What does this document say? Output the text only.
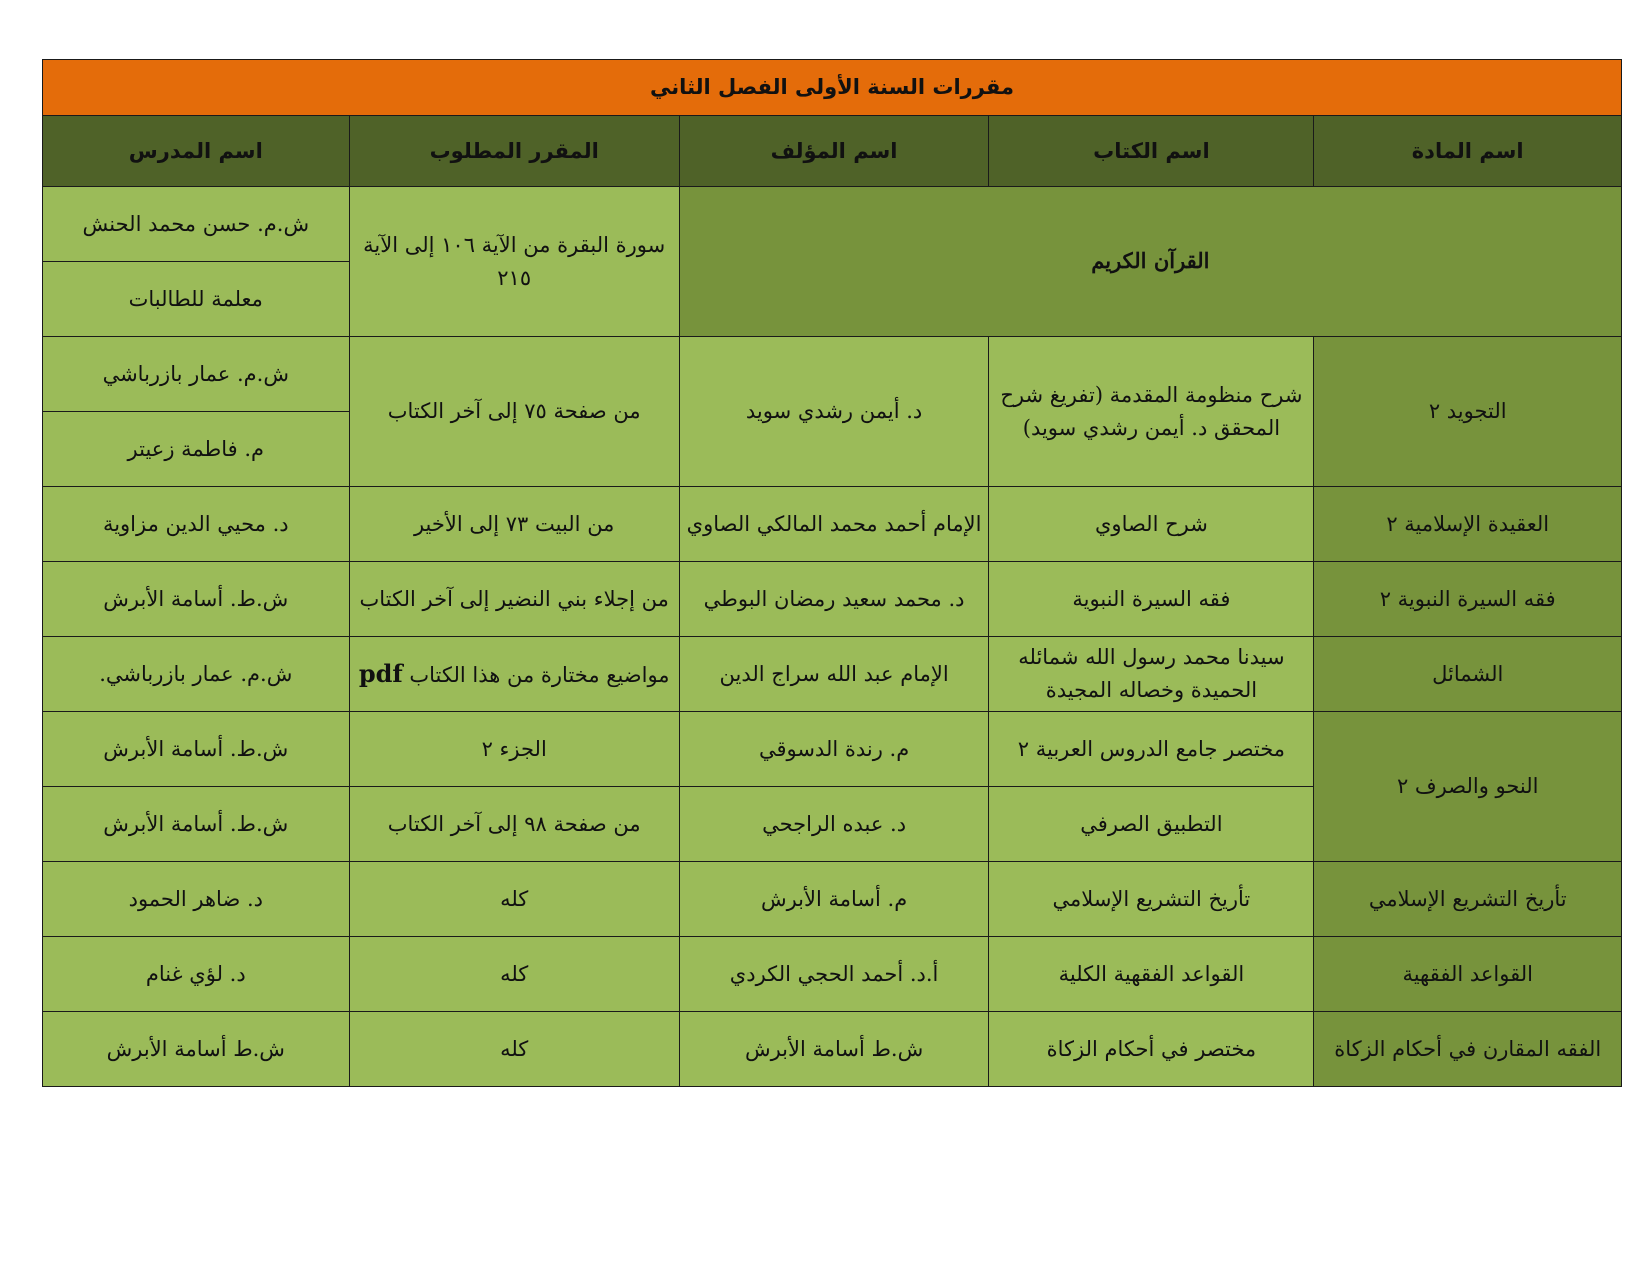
مقررات السنة الأولى الفصل الثاني				
اسم المادة	اسم الكتاب	اسم المؤلف	المقرر المطلوب	اسم المدرس
القرآن الكريم			سورة البقرة من الآية ١٠٦ إلى الآية ٢١٥	ش.م. حسن محمد الحنش
				معلمة للطالبات
التجويد ٢	شرح منظومة المقدمة (تفريغ شرح المحقق د. أيمن رشدي سويد)	د. أيمن رشدي سويد	من صفحة ٧٥ إلى آخر الكتاب	ش.م. عمار بازرباشي
				م. فاطمة زعيتر
العقيدة الإسلامية ٢	شرح الصاوي	الإمام أحمد محمد المالكي الصاوي	من البيت ٧٣ إلى الأخير	د. محيي الدين مزاوية
فقه السيرة النبوية ٢	فقه السيرة النبوية	د. محمد سعيد رمضان البوطي	من إجلاء بني النضير إلى آخر الكتاب	ش.ط. أسامة الأبرش
الشمائل	سيدنا محمد رسول الله شمائله الحميدة وخصاله المجيدة	الإمام عبد الله سراج الدين	مواضيع مختارة من هذا الكتاب pdf	ش.م. عمار بازرباشي.
النحو والصرف ٢	مختصر جامع الدروس العربية ٢	م. رندة الدسوقي	الجزء ٢	ش.ط. أسامة الأبرش
	التطبيق الصرفي	د. عبده الراجحي	من صفحة ٩٨ إلى آخر الكتاب	ش.ط. أسامة الأبرش
تأريخ التشريع الإسلامي	تأريخ التشريع الإسلامي	م. أسامة الأبرش	كله	د. ضاهر الحمود
القواعد الفقهية	القواعد الفقهية الكلية	أ.د. أحمد الحجي الكردي	كله	د. لؤي غنام
الفقه المقارن في أحكام الزكاة	مختصر في أحكام الزكاة	ش.ط أسامة الأبرش	كله	ش.ط أسامة الأبرش
